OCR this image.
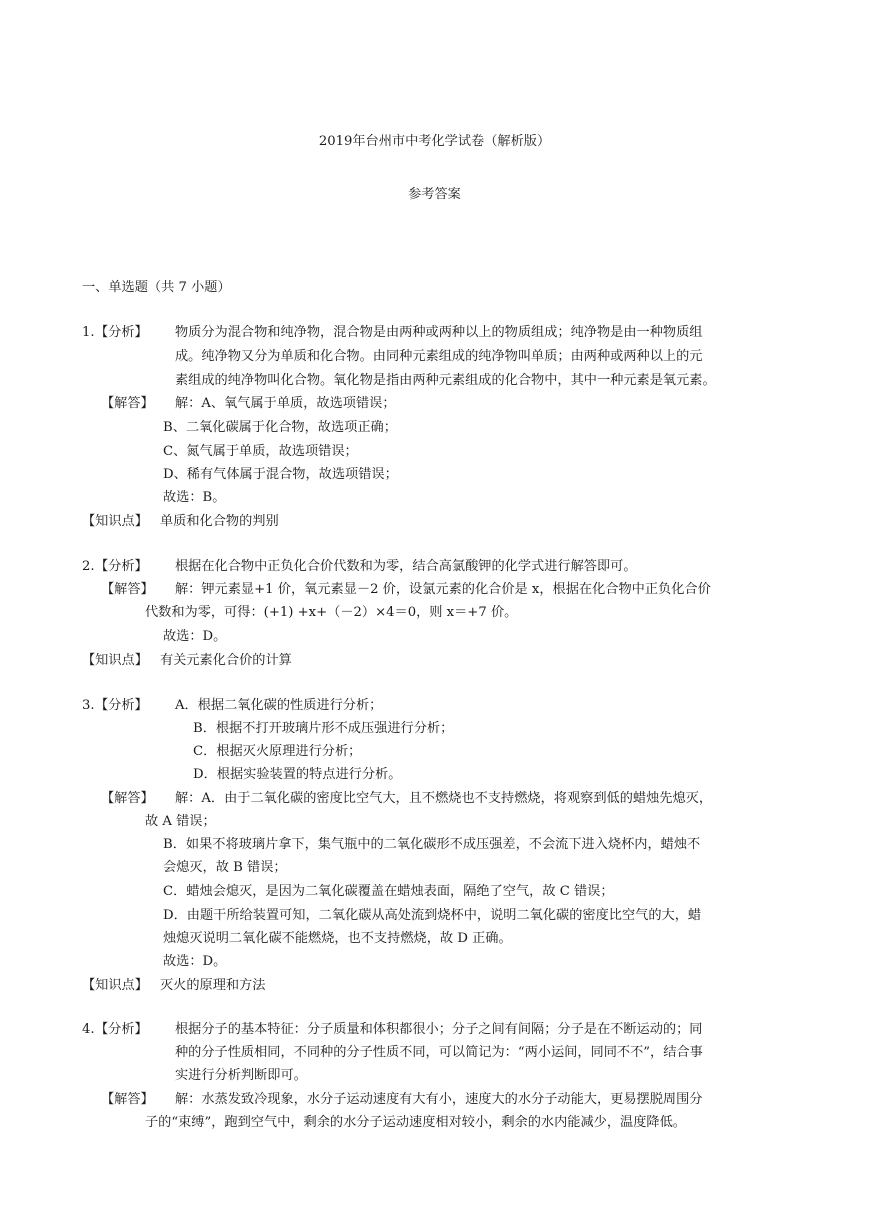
2019年台州市中考化学试卷（解析版）
参考答案
一、单选题（共 7 小题）
1. 【分析】 物质分为混合物和纯净物，混合物是由两种或两种以上的物质组成；纯净物是由一种物质组
成。纯净物又分为单质和化合物。由同种元素组成的纯净物叫单质；由两种或两种以上的元
素组成的纯净物叫化合物。氧化物是指由两种元素组成的化合物中，其中一种元素是氧元素。
【解答】 解：A、氧气属于单质，故选项错误；
B、二氧化碳属于化合物，故选项正确；
C、氮气属于单质，故选项错误；
D、稀有气体属于混合物，故选项错误；
故选：B。
【知识点】 单质和化合物的判别
2. 【分析】 根据在化合物中正负化合价代数和为零，结合高氯酸钾的化学式进行解答即可。
【解答】 解：钾元素显+1 价，氧元素显－2 价，设氯元素的化合价是 x，根据在化合物中正负化合价
代数和为零，可得：(+1) +x+（－2）×4＝0，则 x＝+7 价。
故选：D。
【知识点】 有关元素化合价的计算
3. 【分析】 A．根据二氧化碳的性质进行分析；
B．根据不打开玻璃片形不成压强进行分析；
C．根据灭火原理进行分析；
D．根据实验装置的特点进行分析。
【解答】 解：A．由于二氧化碳的密度比空气大，且不燃烧也不支持燃烧，将观察到低的蜡烛先熄灭，
故 A 错误；
B．如果不将玻璃片拿下，集气瓶中的二氧化碳形不成压强差，不会流下进入烧杯内，蜡烛不
会熄灭，故 B 错误；
C．蜡烛会熄灭，是因为二氧化碳覆盖在蜡烛表面，隔绝了空气，故 C 错误；
D．由题干所给装置可知，二氧化碳从高处流到烧杯中，说明二氧化碳的密度比空气的大，蜡
烛熄灭说明二氧化碳不能燃烧，也不支持燃烧，故 D 正确。
故选：D。
【知识点】 灭火的原理和方法
4. 【分析】 根据分子的基本特征：分子质量和体积都很小；分子之间有间隔；分子是在不断运动的；同
种的分子性质相同，不同种的分子性质不同，可以简记为：“两小运间，同同不不”，结合事
实进行分析判断即可。
【解答】 解：水蒸发致冷现象，水分子运动速度有大有小，速度大的水分子动能大，更易摆脱周围分
子的“束缚”，跑到空气中，剩余的水分子运动速度相对较小，剩余的水内能减少，温度降低。
